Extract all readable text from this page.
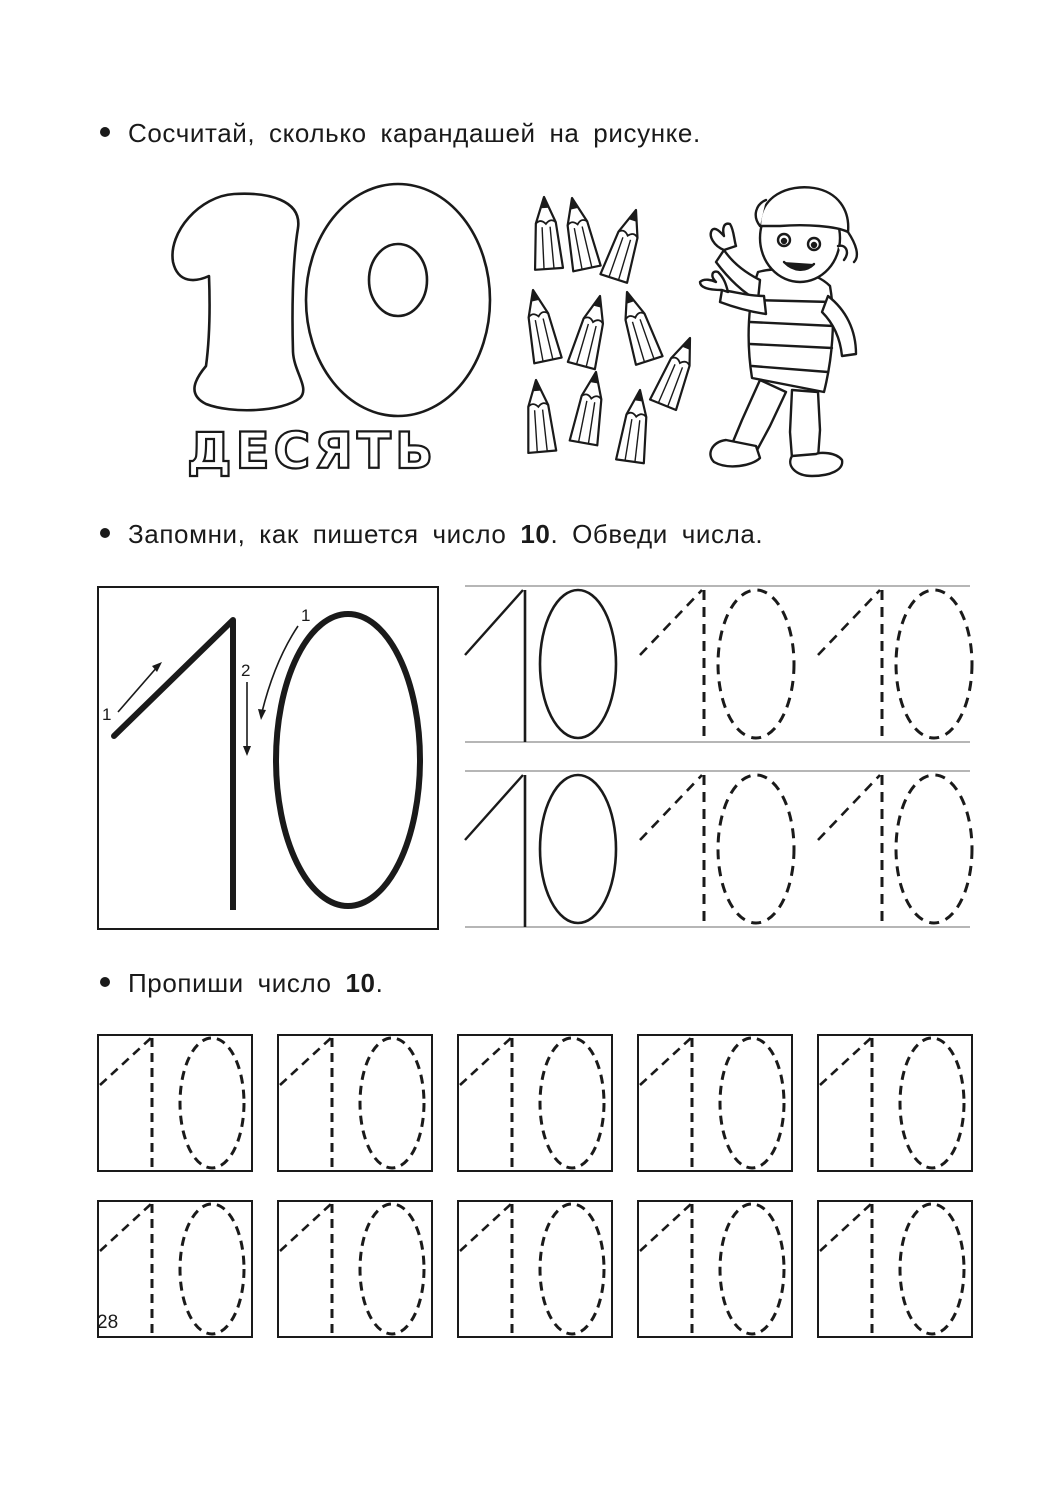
Сосчитай, сколько карандашей на рисунке.
Запомни, как пишется число 10. Обведи числа.
Пропиши число 10.
ДЕСЯТЬ
1
2
1
28
